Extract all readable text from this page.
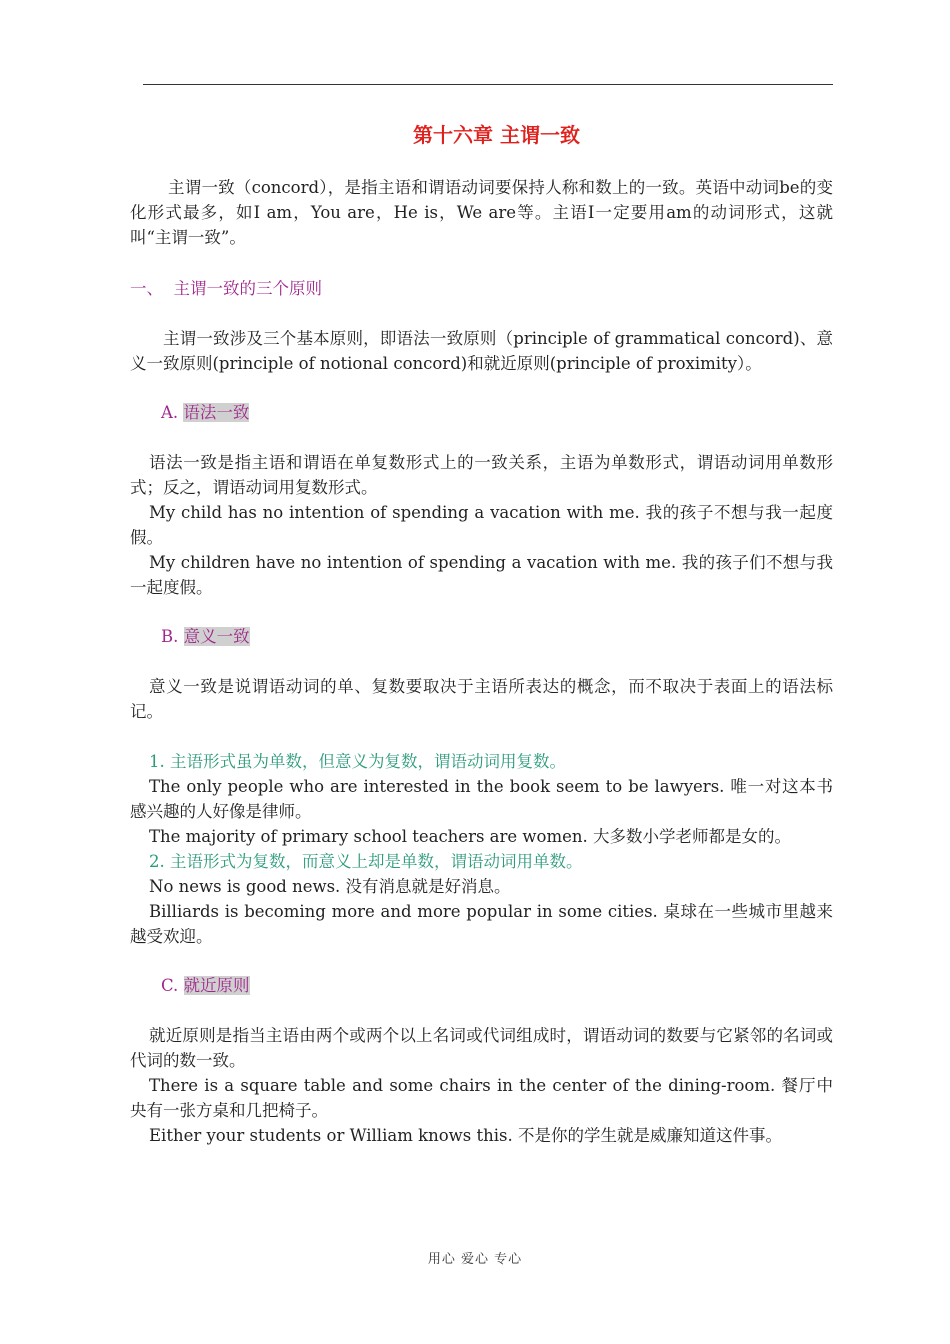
第十六章 主谓一致

主谓一致（concord），是指主语和谓语动词要保持人称和数上的一致。英语中动词be的变化形式最多，如I am，You are，He is，We are等。主语I一定要用am的动词形式，这就叫“主谓一致”。

一、 主谓一致的三个原则

主谓一致涉及三个基本原则，即语法一致原则（principle of grammatical concord)、意义一致原则(principle of notional concord)和就近原则(principle of proximity）。

A. 语法一致

语法一致是指主语和谓语在单复数形式上的一致关系，主语为单数形式，谓语动词用单数形式；反之，谓语动词用复数形式。

My child has no intention of spending a vacation with me. 我的孩子不想与我一起度假。

My children have no intention of spending a vacation with me. 我的孩子们不想与我一起度假。

B. 意义一致

意义一致是说谓语动词的单、复数要取决于主语所表达的概念，而不取决于表面上的语法标记。

1. 主语形式虽为单数，但意义为复数，谓语动词用复数。

The only people who are interested in the book seem to be lawyers. 唯一对这本书感兴趣的人好像是律师。

The majority of primary school teachers are women. 大多数小学老师都是女的。

2. 主语形式为复数，而意义上却是单数，谓语动词用单数。

No news is good news. 没有消息就是好消息。

Billiards is becoming more and more popular in some cities. 桌球在一些城市里越来越受欢迎。

C. 就近原则

就近原则是指当主语由两个或两个以上名词或代词组成时，谓语动词的数要与它紧邻的名词或代词的数一致。

There is a square table and some chairs in the center of the dining-room. 餐厅中央有一张方桌和几把椅子。

Either your students or William knows this. 不是你的学生就是威廉知道这件事。

用心 爱心 专心
